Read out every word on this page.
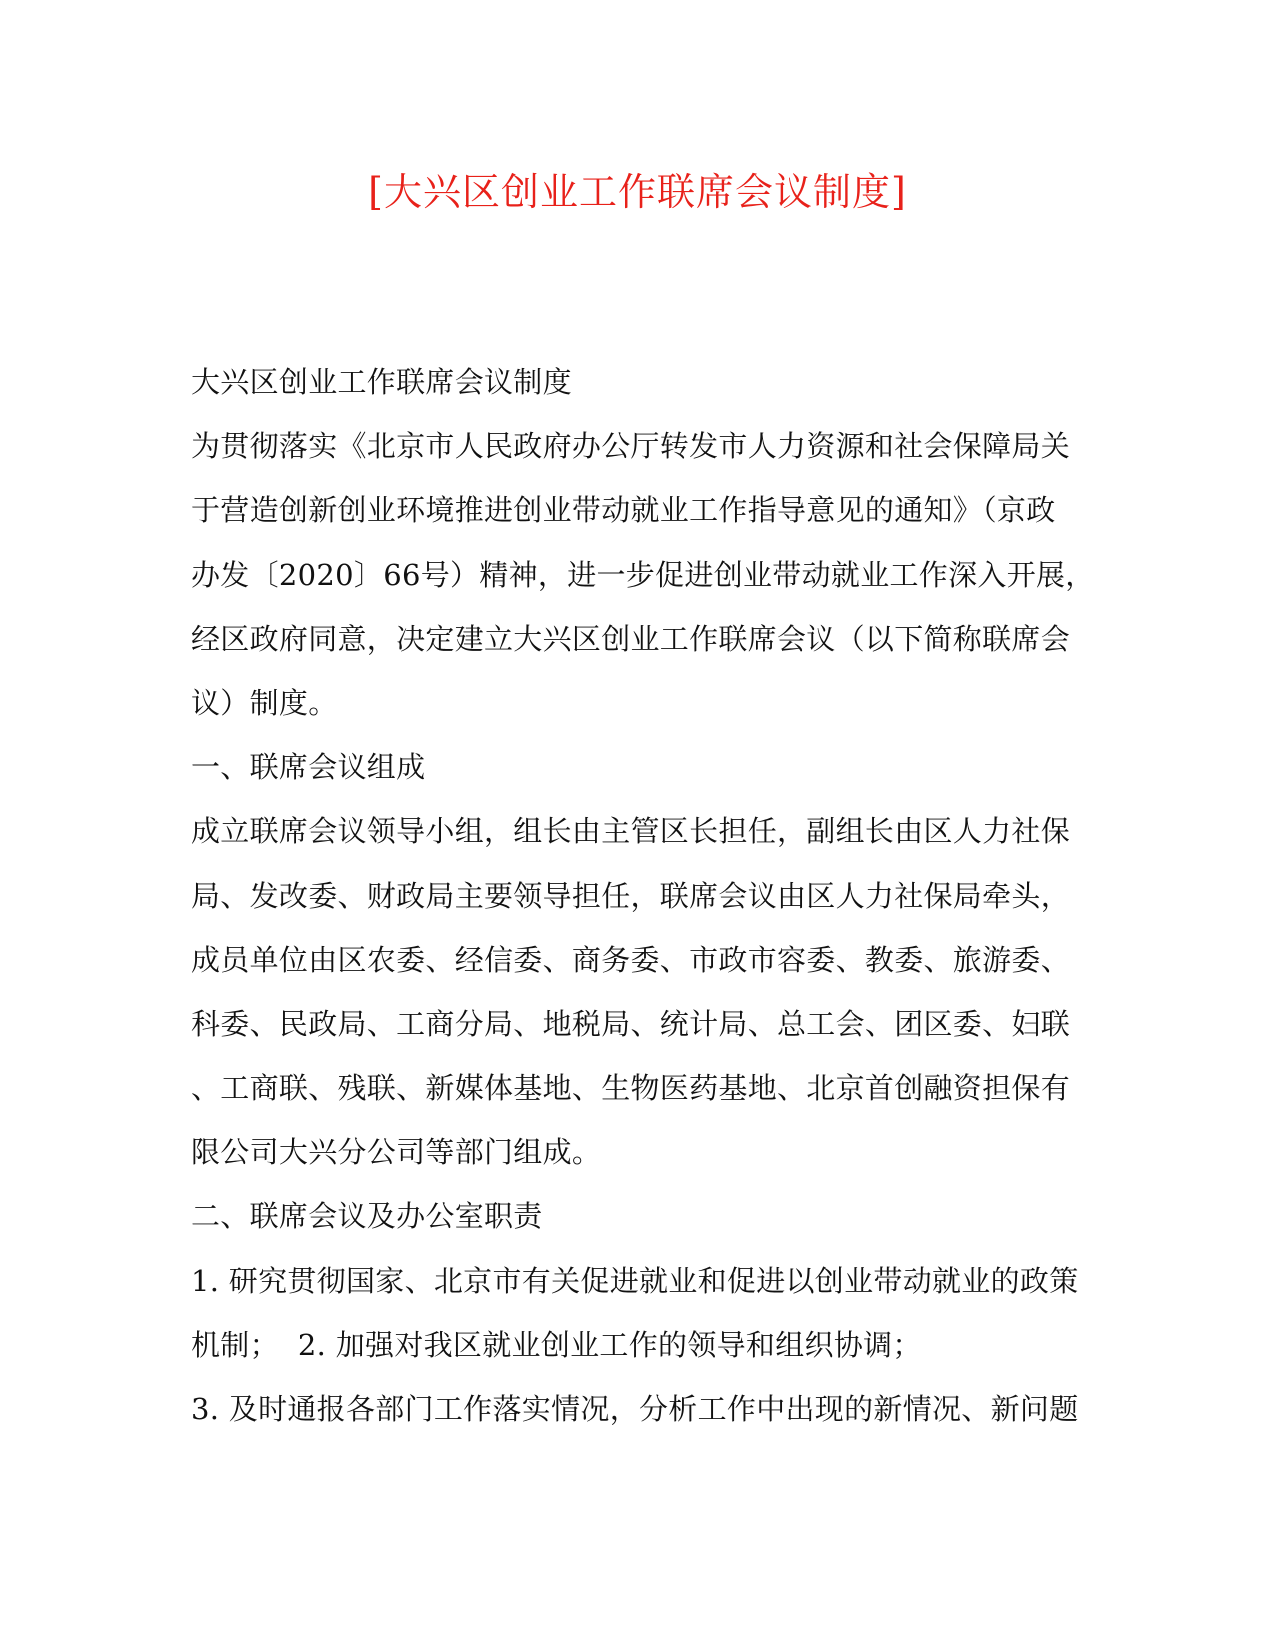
[大兴区创业工作联席会议制度]
大兴区创业工作联席会议制度
为贯彻落实《北京市人民政府办公厅转发市人力资源和社会保障局关
于营造创新创业环境推进创业带动就业工作指导意见的通知》（京政
办发〔2020〕66号）精神，进一步促进创业带动就业工作深入开展，
经区政府同意，决定建立大兴区创业工作联席会议（以下简称联席会
议）制度。
一、联席会议组成
成立联席会议领导小组，组长由主管区长担任，副组长由区人力社保
局、发改委、财政局主要领导担任，联席会议由区人力社保局牵头，
成员单位由区农委、经信委、商务委、市政市容委、教委、旅游委、
科委、民政局、工商分局、地税局、统计局、总工会、团区委、妇联
、工商联、残联、新媒体基地、生物医药基地、北京首创融资担保有
限公司大兴分公司等部门组成。
二、联席会议及办公室职责
1. 研究贯彻国家、北京市有关促进就业和促进以创业带动就业的政策
机制；  2. 加强对我区就业创业工作的领导和组织协调；
3. 及时通报各部门工作落实情况，分析工作中出现的新情况、新问题
